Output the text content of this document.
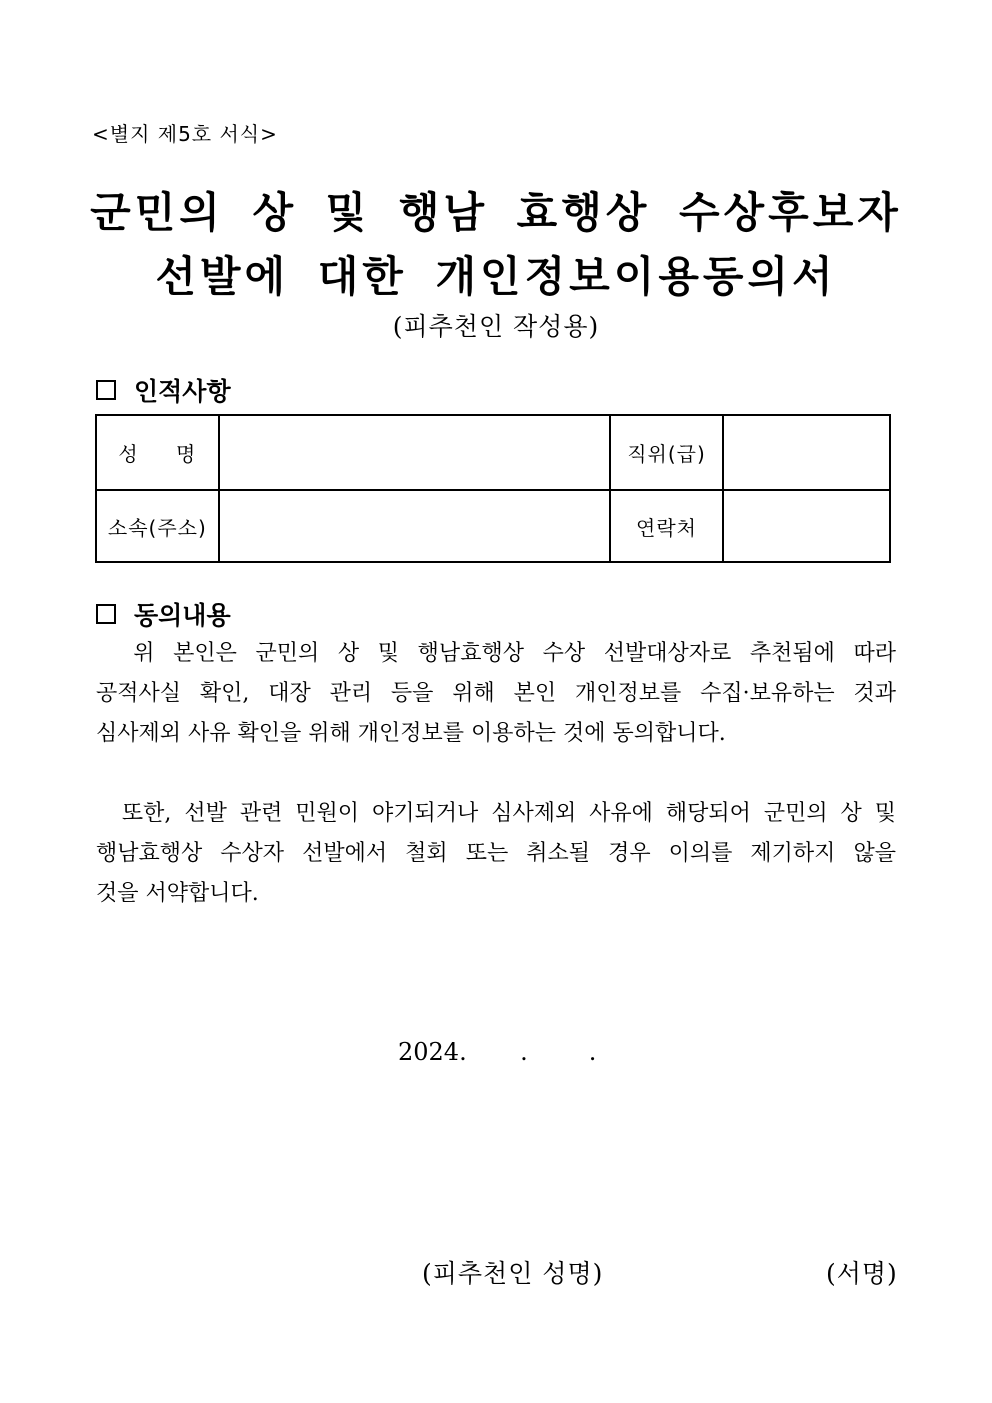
<별지 제5호 서식>
군민의 상 및 행남 효행상 수상후보자
선발에 대한 개인정보이용동의서
(피추천인 작성용)
인적사항
성 명		직위(급)	
소속(주소)		연락처	
동의내용
위 본인은 군민의 상 및 행남효행상 수상 선발대상자로 추천됨에 따라
공적사실 확인, 대장 관리 등을 위해 본인 개인정보를 수집·보유하는 것과
심사제외 사유 확인을 위해 개인정보를 이용하는 것에 동의합니다.
또한, 선발 관련 민원이 야기되거나 심사제외 사유에 해당되어 군민의 상 및
행남효행상 수상자 선발에서 철회 또는 취소될 경우 이의를 제기하지 않을
것을 서약합니다.
2024.       .        .
(피추천인 성명)	(서명)
